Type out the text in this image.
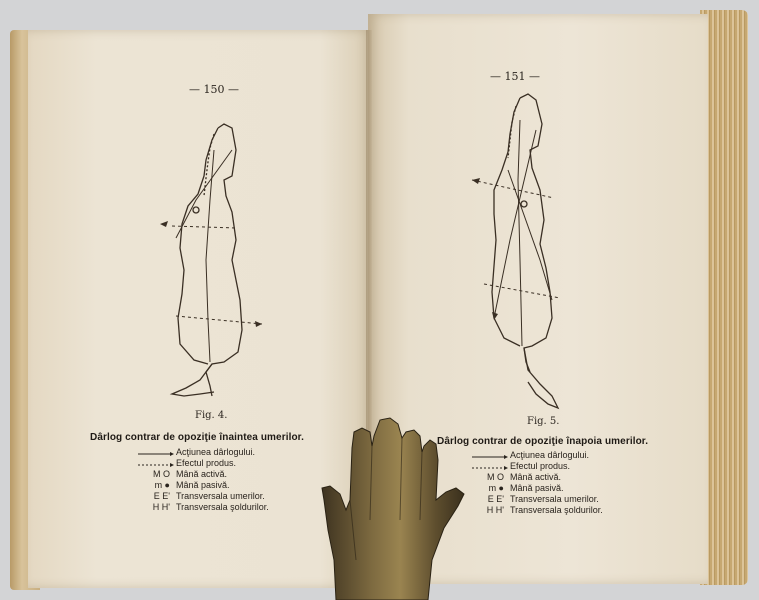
— 150 —
Fig. 4.
Dârlog contrar de opoziţie înaintea umerilor.
Acţiunea dârlogului.
Efectul produs.
M O Mână activă.
m ● Mână pasivă.
E E' Transversala umerilor.
H H' Transversala şoldurilor.
— 151 —
Fig. 5.
Dârlog contrar de opoziţie înapoia umerilor.
Acţiunea dârlogului.
Efectul produs.
M O Mână activă.
m ● Mână pasivă.
E E' Transversala umerilor.
H H' Transversala şoldurilor.
